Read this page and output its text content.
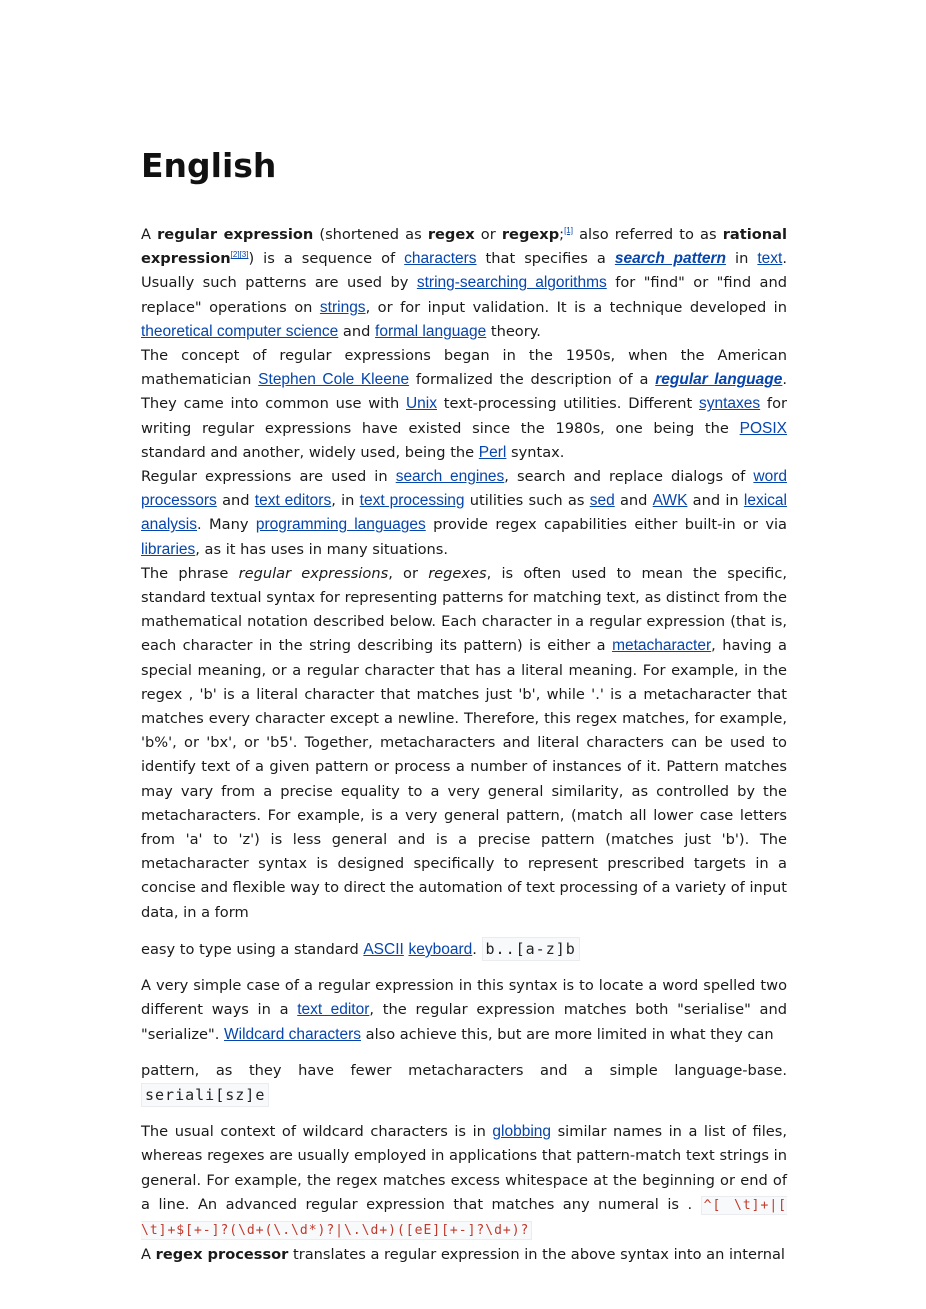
English

A regular expression (shortened as regex or regexp;[1] also referred to as rational expression[2][3]) is a sequence of characters that specifies a search pattern in text. Usually such patterns are used by string-searching algorithms for "find" or "find and replace" operations on strings, or for input validation. It is a technique developed in theoretical computer science and formal language theory.

The concept of regular expressions began in the 1950s, when the American mathematician Stephen Cole Kleene formalized the description of a regular language. They came into common use with Unix text-processing utilities. Different syntaxes for writing regular expressions have existed since the 1980s, one being the POSIX standard and another, widely used, being the Perl syntax.

Regular expressions are used in search engines, search and replace dialogs of word processors and text editors, in text processing utilities such as sed and AWK and in lexical analysis. Many programming languages provide regex capabilities either built-in or via libraries, as it has uses in many situations.

The phrase regular expressions, or regexes, is often used to mean the specific, standard textual syntax for representing patterns for matching text, as distinct from the mathematical notation described below. Each character in a regular expression (that is, each character in the string describing its pattern) is either a metacharacter, having a special meaning, or a regular character that has a literal meaning. For example, in the regex , 'b' is a literal character that matches just 'b', while '.' is a metacharacter that matches every character except a newline. Therefore, this regex matches, for example, 'b%', or 'bx', or 'b5'. Together, metacharacters and literal characters can be used to identify text of a given pattern or process a number of instances of it. Pattern matches may vary from a precise equality to a very general similarity, as controlled by the metacharacters. For example, is a very general pattern, (match all lower case letters from 'a' to 'z') is less general and is a precise pattern (matches just 'b'). The metacharacter syntax is designed specifically to represent prescribed targets in a concise and flexible way to direct the automation of text processing of a variety of input data, in a form

easy to type using a standard ASCII keyboard. b..[a-z]b

A very simple case of a regular expression in this syntax is to locate a word spelled two different ways in a text editor, the regular expression matches both "serialise" and "serialize". Wildcard characters also achieve this, but are more limited in what they can

pattern, as they have fewer metacharacters and a simple language-base. seriali[sz]e

The usual context of wildcard characters is in globbing similar names in a list of files, whereas regexes are usually employed in applications that pattern-match text strings in general. For example, the regex matches excess whitespace at the beginning or end of a line. An advanced regular expression that matches any numeral is . ^[ \t]+|[ \t]+$[+-]?(\d+(\.\d*)?|\.\d+)([eE][+-]?\d+)?

A regex processor translates a regular expression in the above syntax into an internal
